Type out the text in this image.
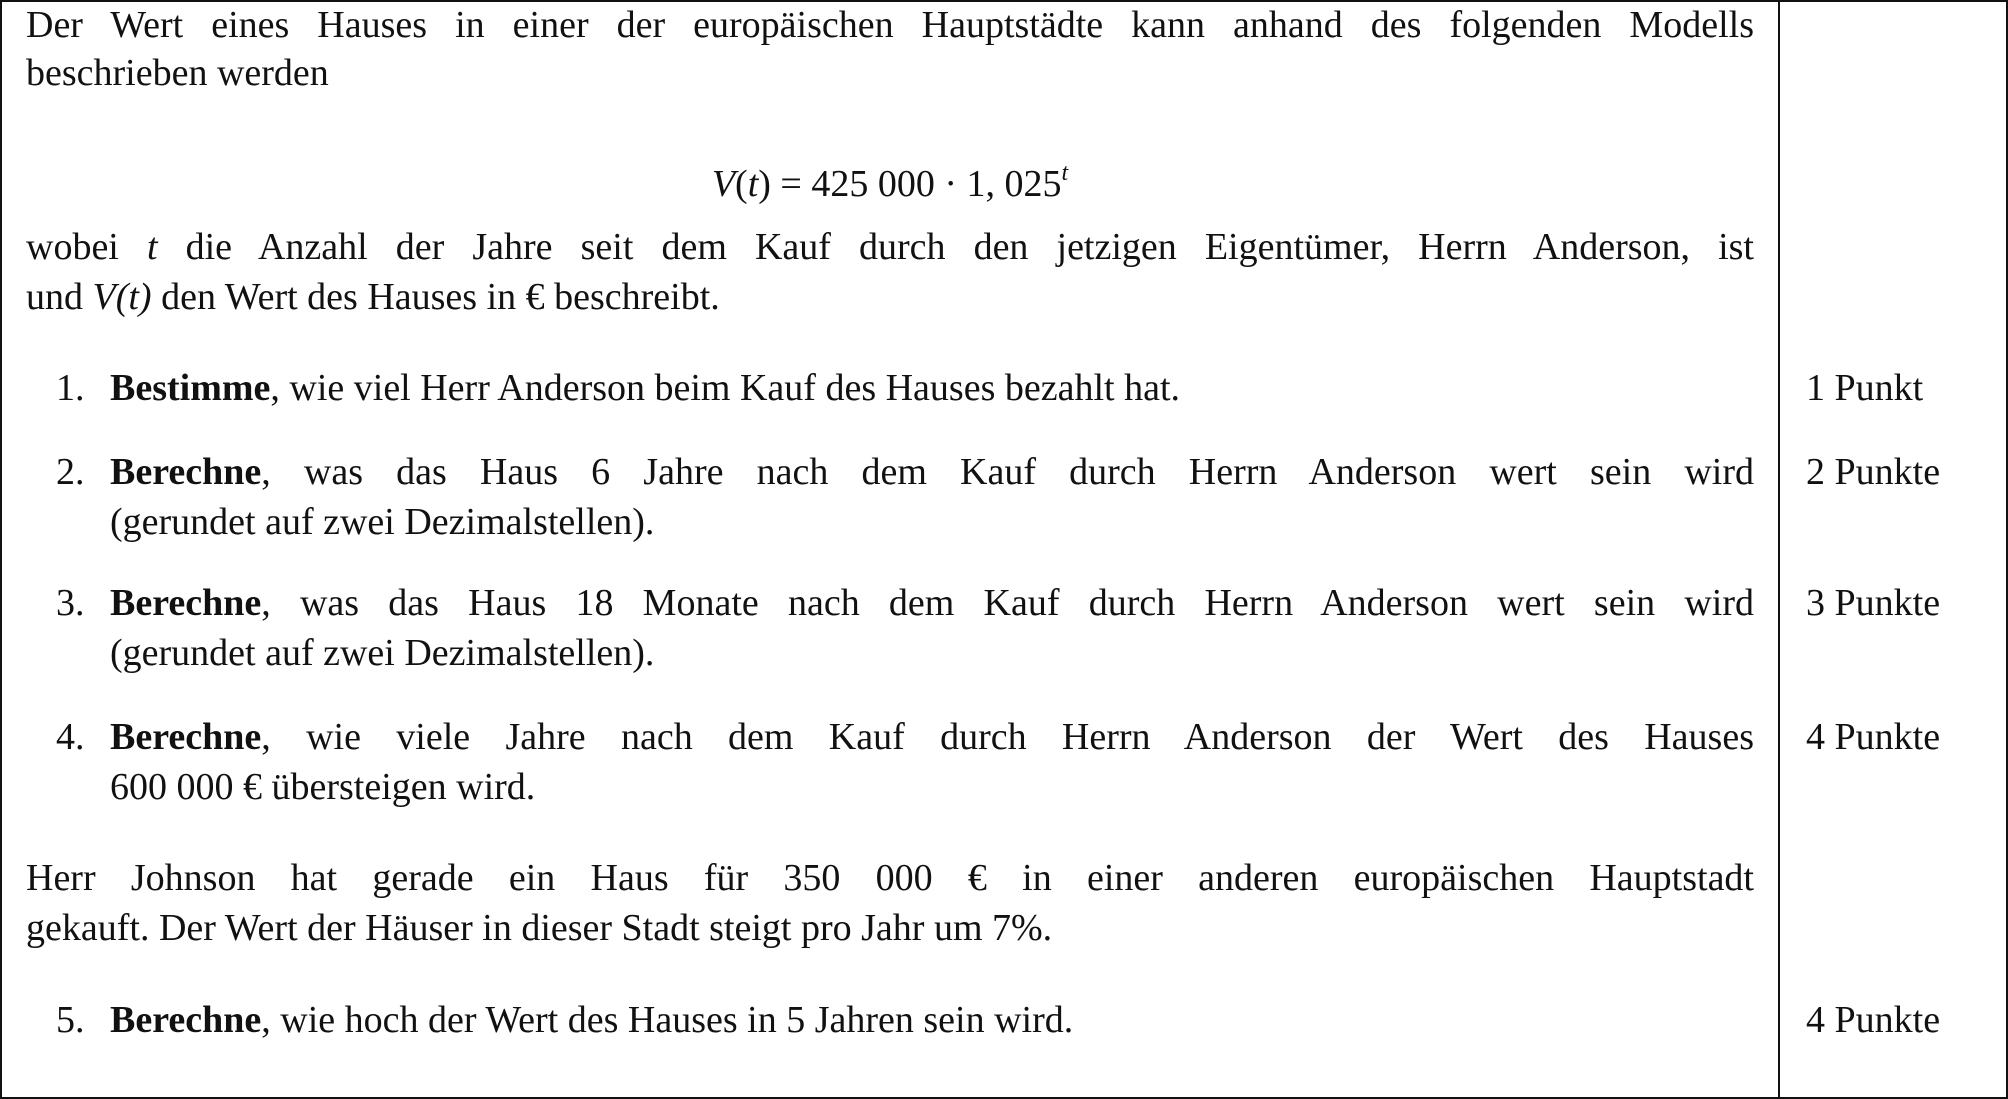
Der Wert eines Hauses in einer der europäischen Hauptstädte kann anhand des folgenden Modells
beschrieben werden
V(t) = 425 000 · 1, 025$^t$
wobei t die Anzahl der Jahre seit dem Kauf durch den jetzigen Eigentümer, Herrn Anderson, ist
und V(t) den Wert des Hauses in € beschreibt.
1. Bestimme, wie viel Herr Anderson beim Kauf des Hauses bezahlt hat.	1 Punkt
2. Berechne, was das Haus 6 Jahre nach dem Kauf durch Herrn Anderson wert sein wird
(gerundet auf zwei Dezimalstellen).
2 Punkte
3. Berechne, was das Haus 18 Monate nach dem Kauf durch Herrn Anderson wert sein wird
(gerundet auf zwei Dezimalstellen).
3 Punkte
4. Berechne, wie viele Jahre nach dem Kauf durch Herrn Anderson der Wert des Hauses
600 000 € übersteigen wird.
4 Punkte
Herr Johnson hat gerade ein Haus für 350 000 € in einer anderen europäischen Hauptstadt
gekauft. Der Wert der Häuser in dieser Stadt steigt pro Jahr um 7%.
5. Berechne, wie hoch der Wert des Hauses in 5 Jahren sein wird.	4 Punkte
